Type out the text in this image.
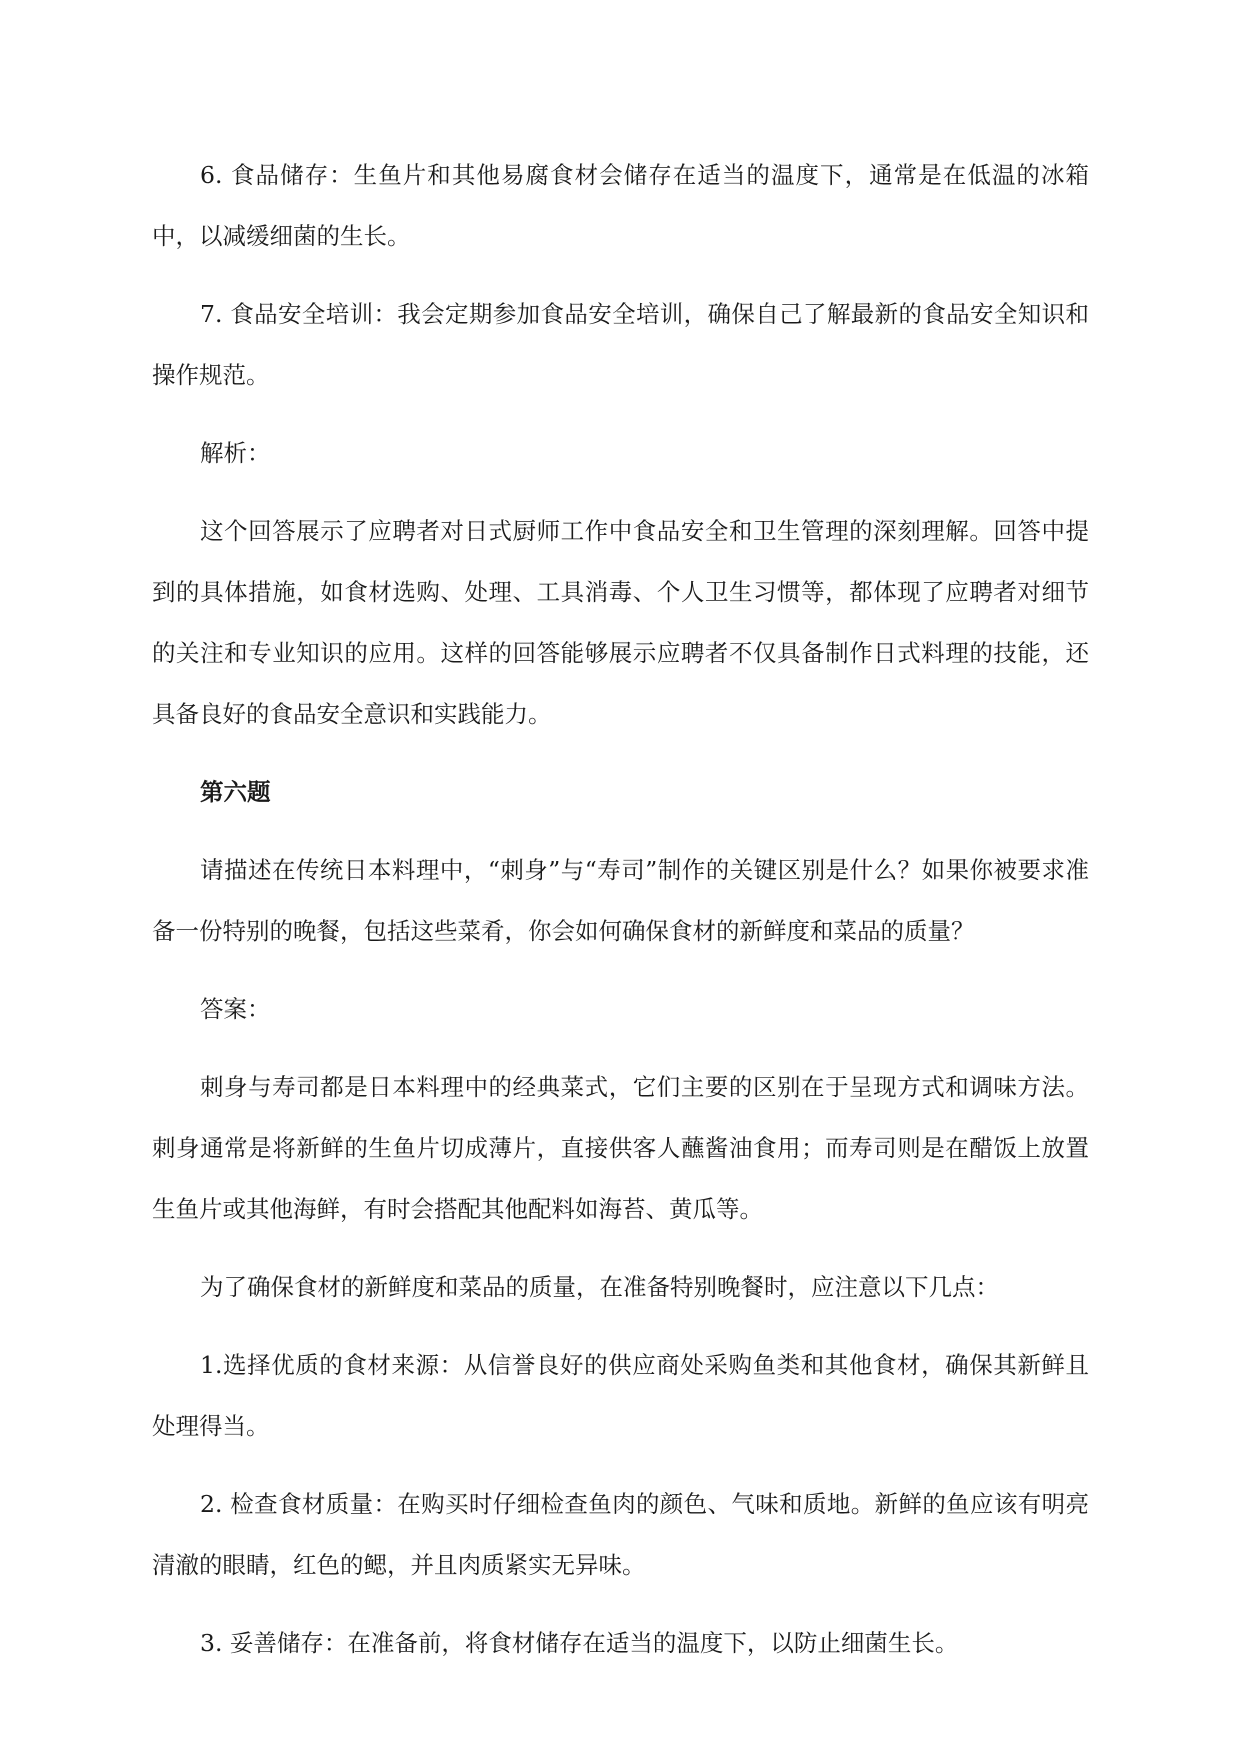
6. 食品储存：生鱼片和其他易腐食材会储存在适当的温度下，通常是在低温的冰箱中，以减缓细菌的生长。

7. 食品安全培训：我会定期参加食品安全培训，确保自己了解最新的食品安全知识和操作规范。

解析：

这个回答展示了应聘者对日式厨师工作中食品安全和卫生管理的深刻理解。回答中提到的具体措施，如食材选购、处理、工具消毒、个人卫生习惯等，都体现了应聘者对细节的关注和专业知识的应用。这样的回答能够展示应聘者不仅具备制作日式料理的技能，还具备良好的食品安全意识和实践能力。

第六题

请描述在传统日本料理中，“刺身”与“寿司”制作的关键区别是什么？如果你被要求准备一份特别的晚餐，包括这些菜肴，你会如何确保食材的新鲜度和菜品的质量？

答案：

刺身与寿司都是日本料理中的经典菜式，它们主要的区别在于呈现方式和调味方法。刺身通常是将新鲜的生鱼片切成薄片，直接供客人蘸酱油食用；而寿司则是在醋饭上放置生鱼片或其他海鲜，有时会搭配其他配料如海苔、黄瓜等。

为了确保食材的新鲜度和菜品的质量，在准备特别晚餐时，应注意以下几点：

1.选择优质的食材来源：从信誉良好的供应商处采购鱼类和其他食材，确保其新鲜且处理得当。

2. 检查食材质量：在购买时仔细检查鱼肉的颜色、气味和质地。新鲜的鱼应该有明亮清澈的眼睛，红色的鳃，并且肉质紧实无异味。

3. 妥善储存：在准备前，将食材储存在适当的温度下，以防止细菌生长。
